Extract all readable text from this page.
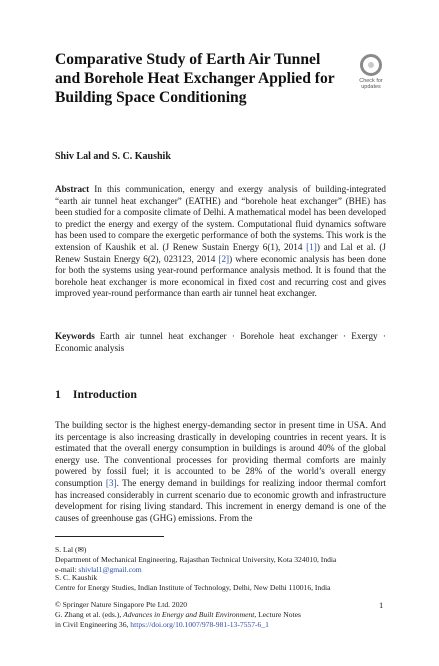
Comparative Study of Earth Air Tunnel and Borehole Heat Exchanger Applied for Building Space Conditioning
Check for updates
Shiv Lal and S. C. Kaushik
Abstract In this communication, energy and exergy analysis of building-integrated “earth air tunnel heat exchanger” (EATHE) and “borehole heat exchanger” (BHE) has been studied for a composite climate of Delhi. A mathematical model has been developed to predict the energy and exergy of the system. Computational fluid dynamics software has been used to compare the exergetic performance of both the systems. This work is the extension of Kaushik et al. (J Renew Sustain Energy 6(1), 2014 [1]) and Lal et al. (J Renew Sustain Energy 6(2), 023123, 2014 [2]) where economic analysis has been done for both the systems using year-round performance analysis method. It is found that the borehole heat exchanger is more economical in fixed cost and recurring cost and gives improved year-round performance than earth air tunnel heat exchanger.
Keywords Earth air tunnel heat exchanger · Borehole heat exchanger · Exergy · Economic analysis
1 Introduction
The building sector is the highest energy-demanding sector in present time in USA. And its percentage is also increasing drastically in developing countries in recent years. It is estimated that the overall energy consumption in buildings is around 40% of the global energy use. The conventional processes for providing thermal comforts are mainly powered by fossil fuel; it is accounted to be 28% of the world’s overall energy consumption [3]. The energy demand in buildings for realizing indoor thermal comfort has increased considerably in current scenario due to economic growth and infrastructure development for rising living standard. This increment in energy demand is one of the causes of greenhouse gas (GHG) emissions. From the
S. Lal (✉)
Department of Mechanical Engineering, Rajasthan Technical University, Kota 324010, India
e-mail: shivlal1@gmail.com
S. C. Kaushik
Centre for Energy Studies, Indian Institute of Technology, Delhi, New Delhi 110016, India
© Springer Nature Singapore Pte Ltd. 2020
G. Zhang et al. (eds.), Advances in Energy and Built Environment, Lecture Notes
in Civil Engineering 36, https://doi.org/10.1007/978-981-13-7557-6_1
1
